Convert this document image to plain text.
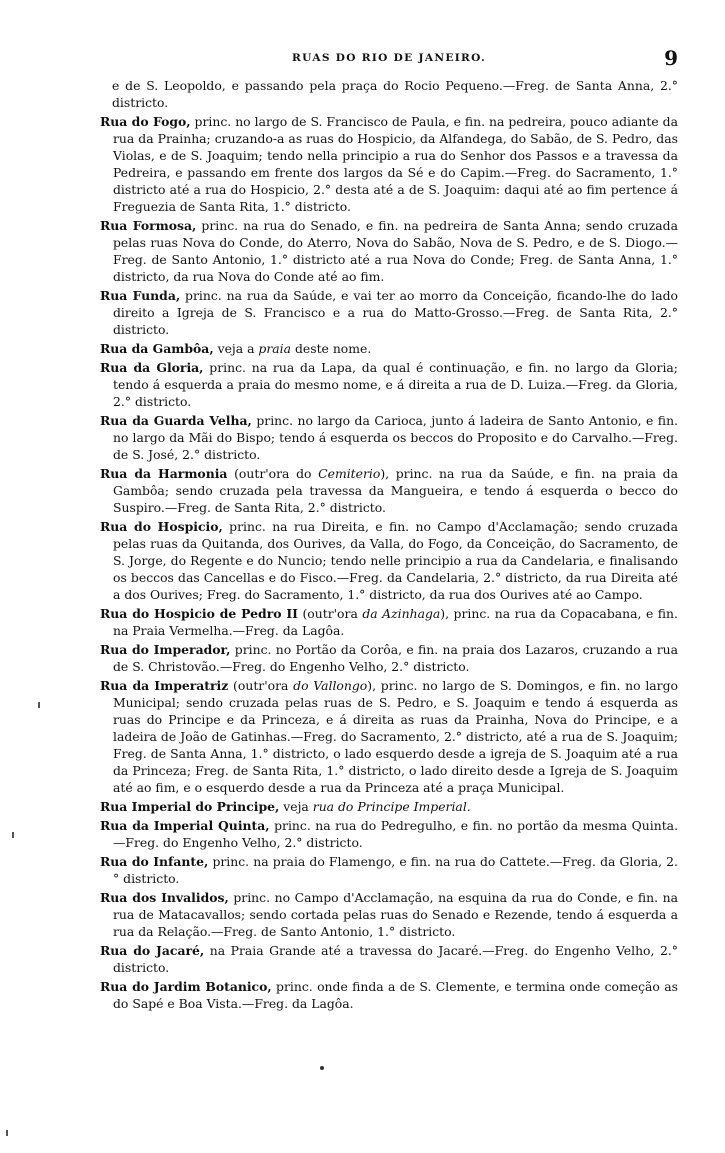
RUAS DO RIO DE JANEIRO.	9

e de S. Leopoldo, e passando pela praça do Rocio Pequeno.—Freg. de Santa Anna, 2.° districto.

Rua do Fogo, princ. no largo de S. Francisco de Paula, e fin. na pedreira, pouco adiante da rua da Prainha; cruzando-a as ruas do Hospicio, da Alfandega, do Sabão, de S. Pedro, das Violas, e de S. Joaquim; tendo nella principio a rua do Senhor dos Passos e a travessa da Pedreira, e passando em frente dos largos da Sé e do Capim.—Freg. do Sacramento, 1.° districto até a rua do Hospicio, 2.° desta até a de S. Joaquim: daqui até ao fim pertence á Freguezia de Santa Rita, 1.° districto.

Rua Formosa, princ. na rua do Senado, e fin. na pedreira de Santa Anna; sendo cruzada pelas ruas Nova do Conde, do Aterro, Nova do Sabão, Nova de S. Pedro, e de S. Diogo.—Freg. de Santo Antonio, 1.° districto até a rua Nova do Conde; Freg. de Santa Anna, 1.° districto, da rua Nova do Conde até ao fim.

Rua Funda, princ. na rua da Saúde, e vai ter ao morro da Conceição, ficando-lhe do lado direito a Igreja de S. Francisco e a rua do Matto-Grosso.—Freg. de Santa Rita, 2.° districto.

Rua da Gambôa, veja a praia deste nome.

Rua da Gloria, princ. na rua da Lapa, da qual é continuação, e fin. no largo da Gloria; tendo á esquerda a praia do mesmo nome, e á direita a rua de D. Luiza.—Freg. da Gloria, 2.° districto.

Rua da Guarda Velha, princ. no largo da Carioca, junto á ladeira de Santo Antonio, e fin. no largo da Mãi do Bispo; tendo á esquerda os beccos do Proposito e do Carvalho.—Freg. de S. José, 2.° districto.

Rua da Harmonia (outr'ora do Cemiterio), princ. na rua da Saúde, e fin. na praia da Gambôa; sendo cruzada pela travessa da Mangueira, e tendo á esquerda o becco do Suspiro.—Freg. de Santa Rita, 2.° districto.

Rua do Hospicio, princ. na rua Direita, e fin. no Campo d'Acclamação; sendo cruzada pelas ruas da Quitanda, dos Ourives, da Valla, do Fogo, da Conceição, do Sacramento, de S. Jorge, do Regente e do Nuncio; tendo nelle principio a rua da Candelaria, e finalisando os beccos das Cancellas e do Fisco.—Freg. da Candelaria, 2.° districto, da rua Direita até a dos Ourives; Freg. do Sacramento, 1.° districto, da rua dos Ourives até ao Campo.

Rua do Hospicio de Pedro II (outr'ora da Azinhaga), princ. na rua da Copacabana, e fin. na Praia Vermelha.—Freg. da Lagôa.

Rua do Imperador, princ. no Portão da Corôa, e fin. na praia dos Lazaros, cruzando a rua de S. Christovão.—Freg. do Engenho Velho, 2.° districto.

Rua da Imperatriz (outr'ora do Vallongo), princ. no largo de S. Domingos, e fin. no largo Municipal; sendo cruzada pelas ruas de S. Pedro, e S. Joaquim e tendo á esquerda as ruas do Principe e da Princeza, e á direita as ruas da Prainha, Nova do Principe, e a ladeira de João de Gatinhas.—Freg. do Sacramento, 2.° districto, até a rua de S. Joaquim; Freg. de Santa Anna, 1.° districto, o lado esquerdo desde a igreja de S. Joaquim até a rua da Princeza; Freg. de Santa Rita, 1.° districto, o lado direito desde a Igreja de S. Joaquim até ao fim, e o esquerdo desde a rua da Princeza até a praça Municipal.

Rua Imperial do Principe, veja rua do Principe Imperial.

Rua da Imperial Quinta, princ. na rua do Pedregulho, e fin. no portão da mesma Quinta.—Freg. do Engenho Velho, 2.° districto.

Rua do Infante, princ. na praia do Flamengo, e fin. na rua do Cattete.—Freg. da Gloria, 2.° districto.

Rua dos Invalidos, princ. no Campo d'Acclamação, na esquina da rua do Conde, e fin. na rua de Matacavallos; sendo cortada pelas ruas do Senado e Rezende, tendo á esquerda a rua da Relação.—Freg. de Santo Antonio, 1.° districto.

Rua do Jacaré, na Praia Grande até a travessa do Jacaré.—Freg. do Engenho Velho, 2.° districto.

Rua do Jardim Botanico, princ. onde finda a de S. Clemente, e termina onde começão as do Sapé e Boa Vista.—Freg. da Lagôa.
